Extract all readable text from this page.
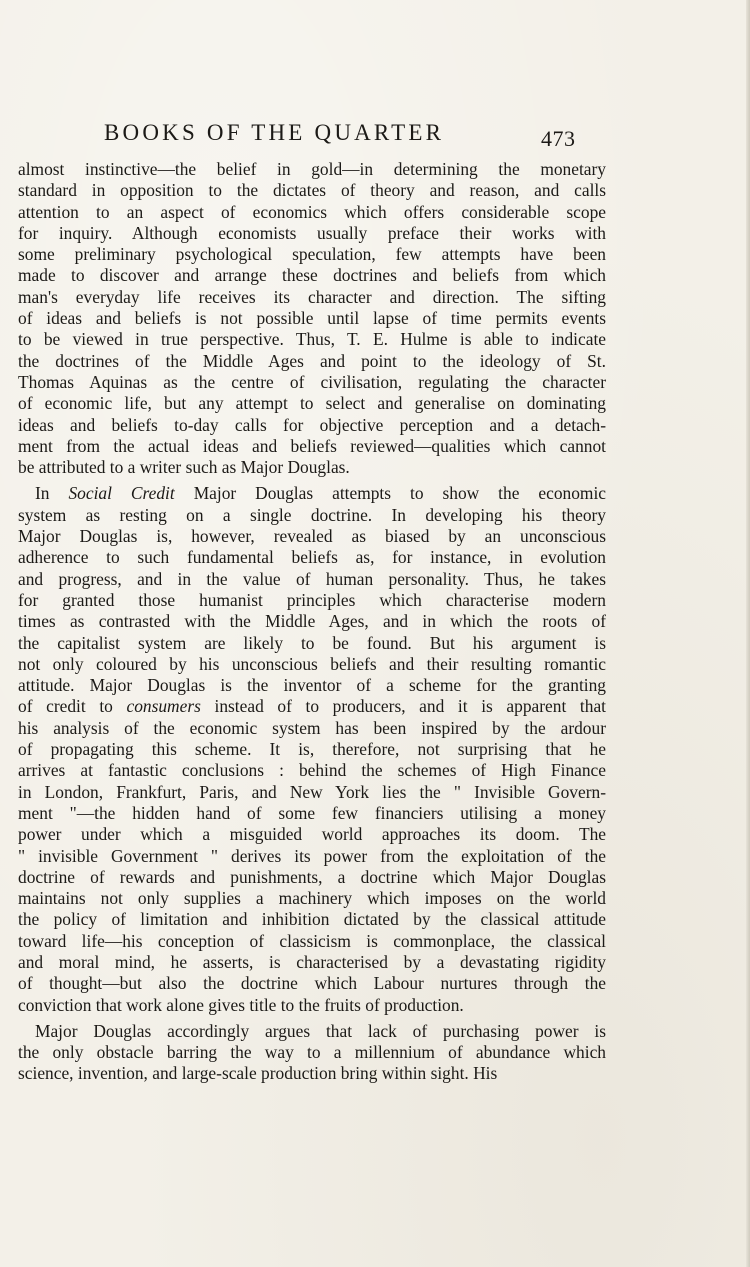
BOOKS OF THE QUARTER	473
almost instinctive—the belief in gold—in determining the monetary
standard in opposition to the dictates of theory and reason, and calls
attention to an aspect of economics which offers considerable scope
for inquiry. Although economists usually preface their works with
some preliminary psychological speculation, few attempts have been
made to discover and arrange these doctrines and beliefs from which
man's everyday life receives its character and direction. The sifting
of ideas and beliefs is not possible until lapse of time permits events
to be viewed in true perspective. Thus, T. E. Hulme is able to indicate
the doctrines of the Middle Ages and point to the ideology of St.
Thomas Aquinas as the centre of civilisation, regulating the character
of economic life, but any attempt to select and generalise on dominating
ideas and beliefs to-day calls for objective perception and a detach-
ment from the actual ideas and beliefs reviewed—qualities which cannot
be attributed to a writer such as Major Douglas.
In Social Credit Major Douglas attempts to show the economic
system as resting on a single doctrine. In developing his theory
Major Douglas is, however, revealed as biased by an unconscious
adherence to such fundamental beliefs as, for instance, in evolution
and progress, and in the value of human personality. Thus, he takes
for granted those humanist principles which characterise modern
times as contrasted with the Middle Ages, and in which the roots of
the capitalist system are likely to be found. But his argument is
not only coloured by his unconscious beliefs and their resulting romantic
attitude. Major Douglas is the inventor of a scheme for the granting
of credit to consumers instead of to producers, and it is apparent that
his analysis of the economic system has been inspired by the ardour
of propagating this scheme. It is, therefore, not surprising that he
arrives at fantastic conclusions : behind the schemes of High Finance
in London, Frankfurt, Paris, and New York lies the " Invisible Govern-
ment "—the hidden hand of some few financiers utilising a money
power under which a misguided world approaches its doom. The
" invisible Government " derives its power from the exploitation of the
doctrine of rewards and punishments, a doctrine which Major Douglas
maintains not only supplies a machinery which imposes on the world
the policy of limitation and inhibition dictated by the classical attitude
toward life—his conception of classicism is commonplace, the classical
and moral mind, he asserts, is characterised by a devastating rigidity
of thought—but also the doctrine which Labour nurtures through the
conviction that work alone gives title to the fruits of production.
Major Douglas accordingly argues that lack of purchasing power is
the only obstacle barring the way to a millennium of abundance which
science, invention, and large-scale production bring within sight. His
